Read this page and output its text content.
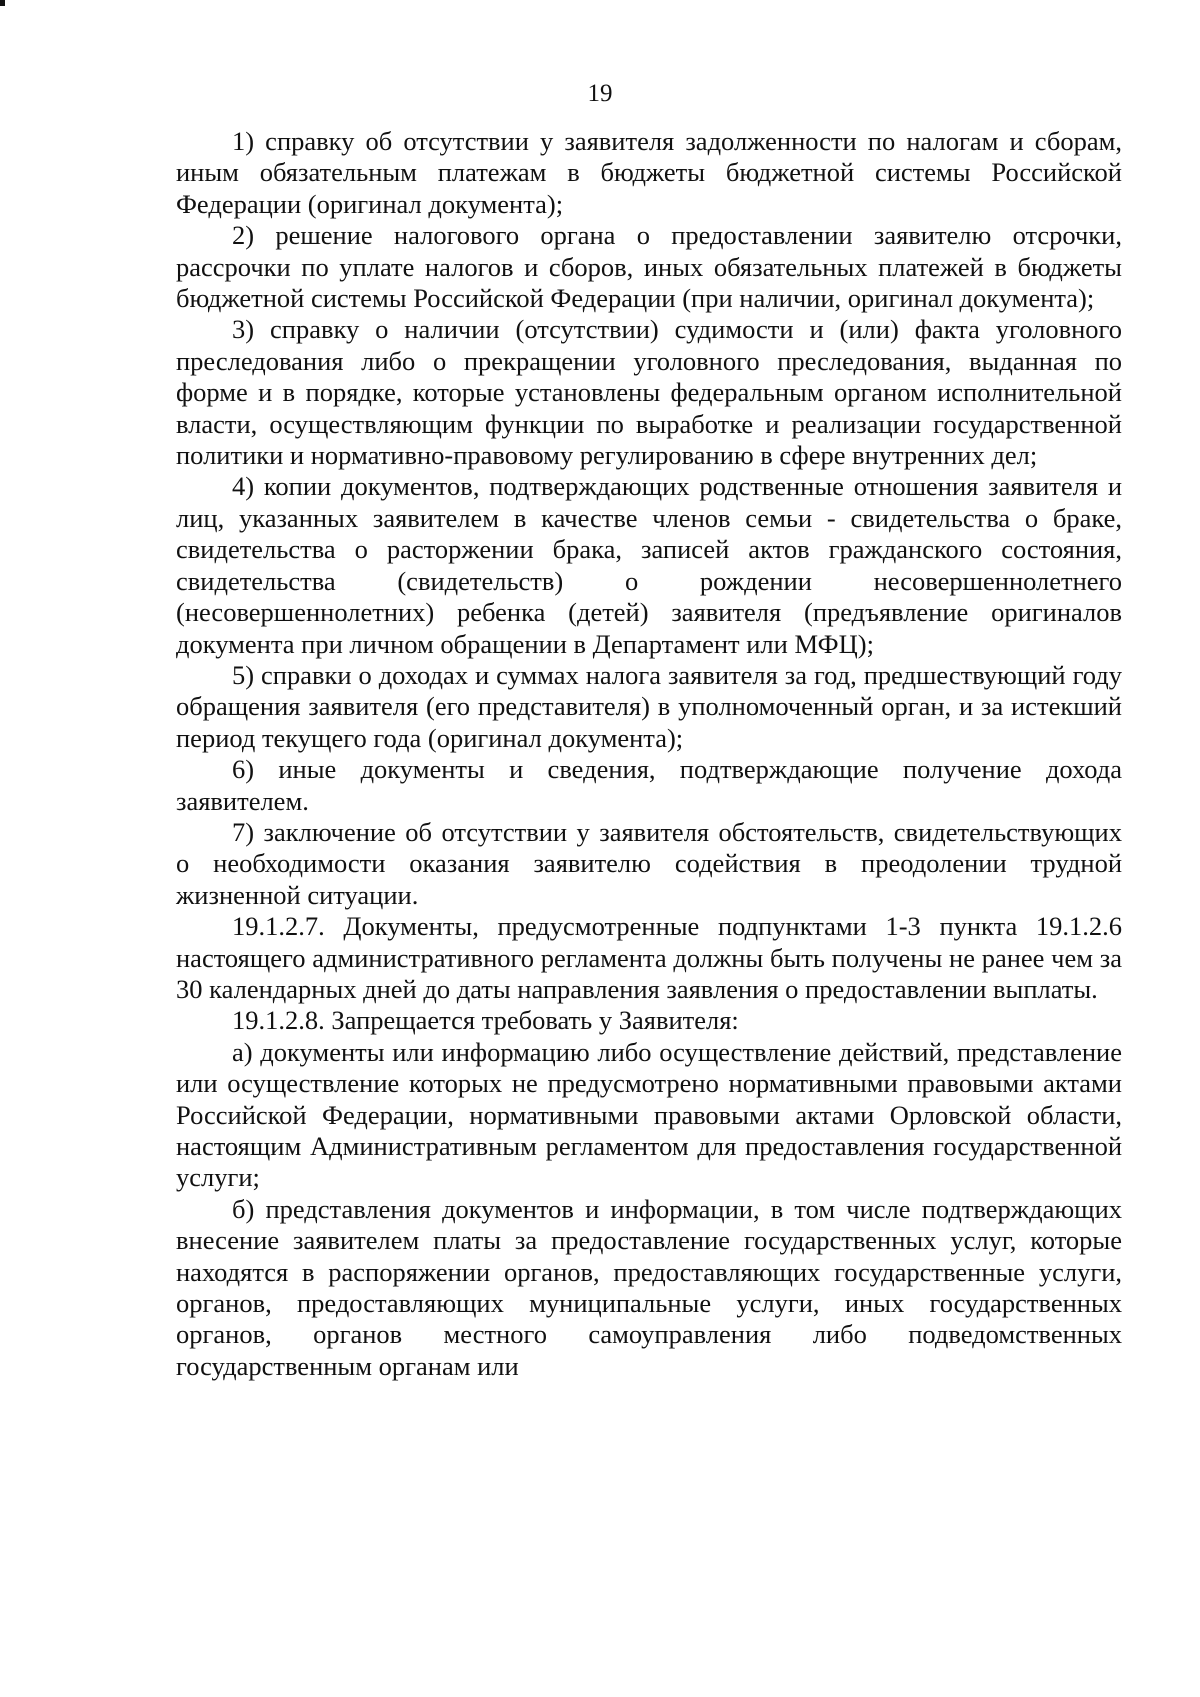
19

1) справку об отсутствии у заявителя задолженности по налогам и сборам, иным обязательным платежам в бюджеты бюджетной системы Российской Федерации (оригинал документа);

2) решение налогового органа о предоставлении заявителю отсрочки, рассрочки по уплате налогов и сборов, иных обязательных платежей в бюджеты бюджетной системы Российской Федерации (при наличии, оригинал документа);

3) справку о наличии (отсутствии) судимости и (или) факта уголовного преследования либо о прекращении уголовного преследования, выданная по форме и в порядке, которые установлены федеральным органом исполнительной власти, осуществляющим функции по выработке и реализации государственной политики и нормативно-правовому регулированию в сфере внутренних дел;

4) копии документов, подтверждающих родственные отношения заявителя и лиц, указанных заявителем в качестве членов семьи - свидетельства о браке, свидетельства о расторжении брака, записей актов гражданского состояния, свидетельства (свидетельств) о рождении несовершеннолетнего (несовершеннолетних) ребенка (детей) заявителя (предъявление оригиналов документа при личном обращении в Департамент или МФЦ);

5) справки о доходах и суммах налога заявителя за год, предшествующий году обращения заявителя (его представителя) в уполномоченный орган, и за истекший период текущего года (оригинал документа);

6) иные документы и сведения, подтверждающие получение дохода заявителем.

7) заключение об отсутствии у заявителя обстоятельств, свидетельствующих о необходимости оказания заявителю содействия в преодолении трудной жизненной ситуации.

19.1.2.7. Документы, предусмотренные подпунктами 1-3 пункта 19.1.2.6 настоящего административного регламента должны быть получены не ранее чем за 30 календарных дней до даты направления заявления о предоставлении выплаты.

19.1.2.8. Запрещается требовать у Заявителя:

а) документы или информацию либо осуществление действий, представление или осуществление которых не предусмотрено нормативными правовыми актами Российской Федерации, нормативными правовыми актами Орловской области, настоящим Административным регламентом для предоставления государственной услуги;

б) представления документов и информации, в том числе подтверждающих внесение заявителем платы за предоставление государственных услуг, которые находятся в распоряжении органов, предоставляющих государственные услуги, органов, предоставляющих муниципальные услуги, иных государственных органов, органов местного самоуправления либо подведомственных государственным органам или
